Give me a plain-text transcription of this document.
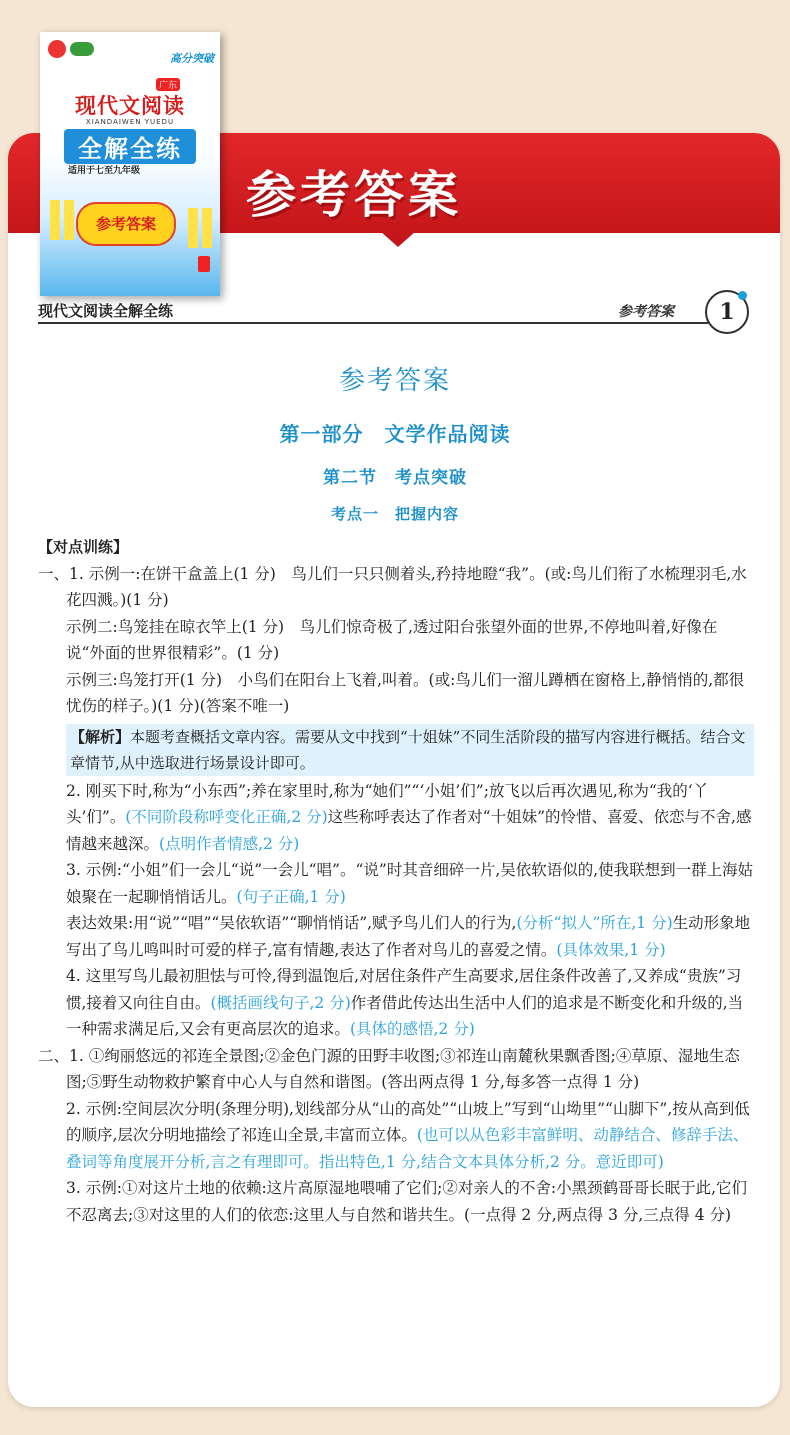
参考答案
高分突破
广东
现代文阅读
XIANDAIWEN YUEDU
全解全练
适用于七至九年级
参考答案
现代文阅读全解全练	参考答案	1
参考答案
第一部分　文学作品阅读
第二节　考点突破
考点一　把握内容
【对点训练】

一、1. 示例一:在饼干盒盖上(1 分)　鸟儿们一只只侧着头,矜持地瞪“我”。(或:鸟儿们衔了水梳理羽毛,水花四溅。)(1 分)

示例二:鸟笼挂在晾衣竿上(1 分)　鸟儿们惊奇极了,透过阳台张望外面的世界,不停地叫着,好像在说“外面的世界很精彩”。(1 分)

示例三:鸟笼打开(1 分)　小鸟们在阳台上飞着,叫着。(或:鸟儿们一溜儿蹲栖在窗格上,静悄悄的,都很忧伤的样子。)(1 分)(答案不唯一)

【解析】本题考查概括文章内容。需要从文中找到“十姐妹”不同生活阶段的描写内容进行概括。结合文章情节,从中选取进行场景设计即可。

2. 刚买下时,称为“小东西”;养在家里时,称为“她们”“‘小姐’们”;放飞以后再次遇见,称为“我的‘丫头’们”。(不同阶段称呼变化正确,2 分)这些称呼表达了作者对“十姐妹”的怜惜、喜爱、依恋与不舍,感情越来越深。(点明作者情感,2 分)

3. 示例:“小姐”们一会儿“说”一会儿“唱”。“说”时其音细碎一片,吴依软语似的,使我联想到一群上海姑娘聚在一起聊悄悄话儿。(句子正确,1 分)

表达效果:用“说”“唱”“吴依软语”“聊悄悄话”,赋予鸟儿们人的行为,(分析“拟人”所在,1 分)生动形象地写出了鸟儿鸣叫时可爱的样子,富有情趣,表达了作者对鸟儿的喜爱之情。(具体效果,1 分)

4. 这里写鸟儿最初胆怯与可怜,得到温饱后,对居住条件产生高要求,居住条件改善了,又养成“贵族”习惯,接着又向往自由。(概括画线句子,2 分)作者借此传达出生活中人们的追求是不断变化和升级的,当一种需求满足后,又会有更高层次的追求。(具体的感悟,2 分)

二、1. ①绚丽悠远的祁连全景图;②金色门源的田野丰收图;③祁连山南麓秋果飘香图;④草原、湿地生态图;⑤野生动物救护繁育中心人与自然和谐图。(答出两点得 1 分,每多答一点得 1 分)

2. 示例:空间层次分明(条理分明),划线部分从“山的高处”“山坡上”写到“山坳里”“山脚下”,按从高到低的顺序,层次分明地描绘了祁连山全景,丰富而立体。(也可以从色彩丰富鲜明、动静结合、修辞手法、叠词等角度展开分析,言之有理即可。指出特色,1 分,结合文本具体分析,2 分。意近即可)

3. 示例:①对这片土地的依赖:这片高原湿地喂哺了它们;②对亲人的不舍:小黑颈鹤哥哥长眠于此,它们不忍离去;③对这里的人们的依恋:这里人与自然和谐共生。(一点得 2 分,两点得 3 分,三点得 4 分)
